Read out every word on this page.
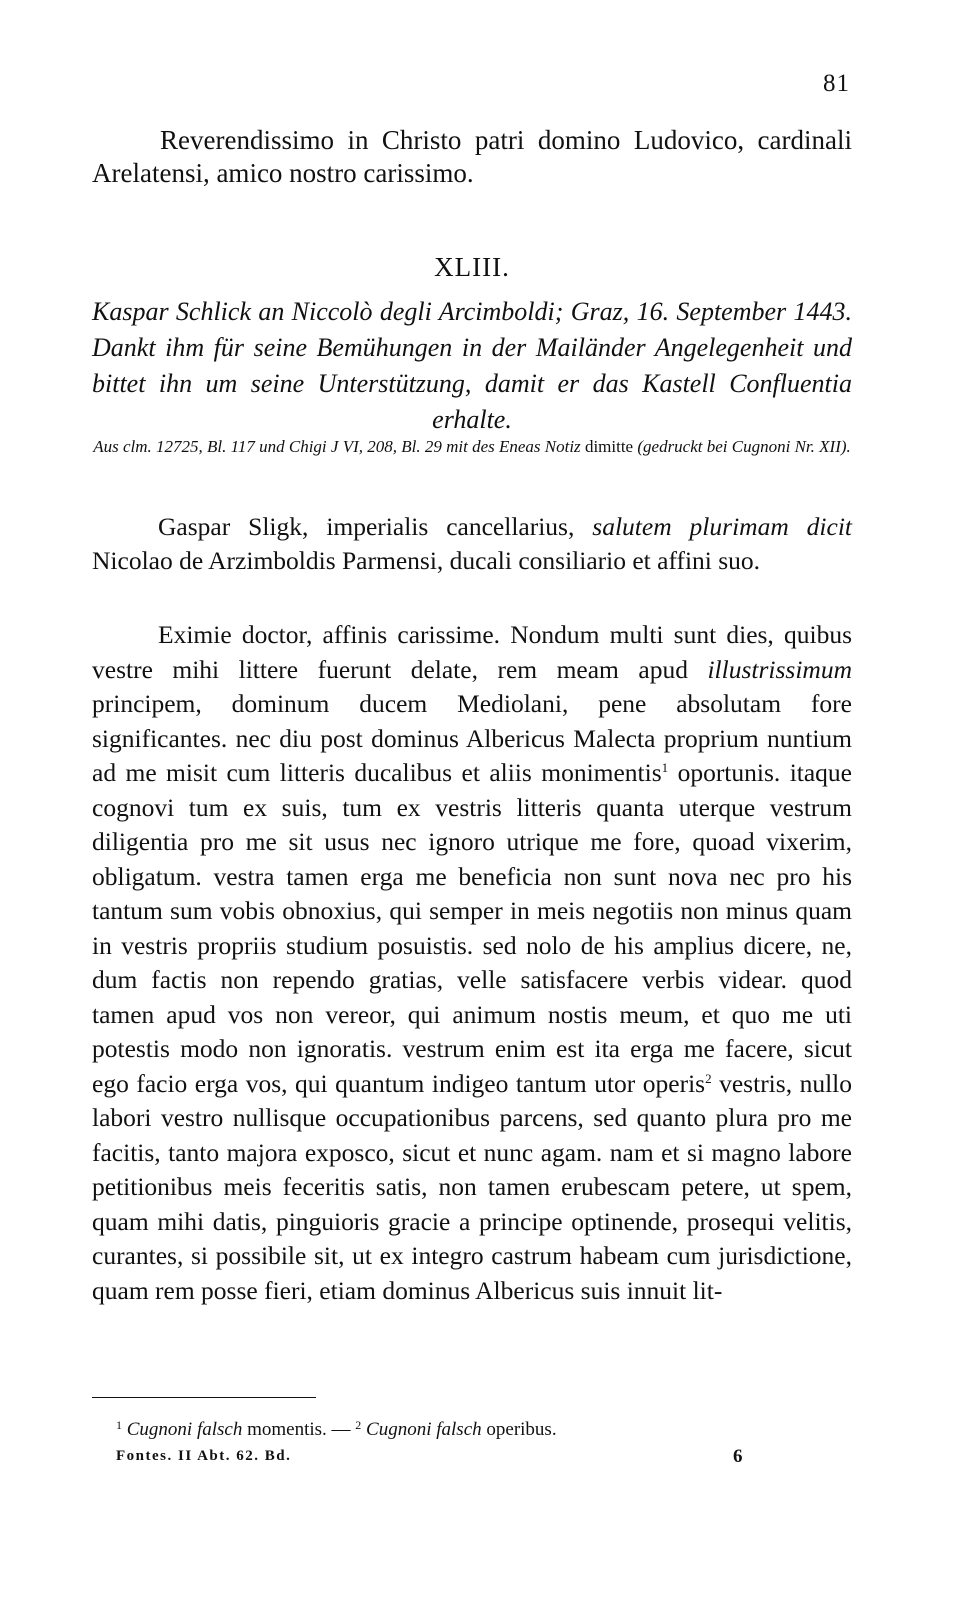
81
Reverendissimo in Christo patri domino Ludovico, cardinali Arelatensi, amico nostro carissimo.
XLIII.
Kaspar Schlick an Niccolò degli Arcimboldi; Graz, 16. September 1443. Dankt ihm für seine Bemühungen in der Mailänder Angelegenheit und bittet ihn um seine Unterstützung, damit er das Kastell Confluentia erhalte.
Aus clm. 12725, Bl. 117 und Chigi J VI, 208, Bl. 29 mit des Eneas Notiz dimitte (gedruckt bei Cugnoni Nr. XII).
Gaspar Sligk, imperialis cancellarius, salutem plurimam dicit Nicolao de Arzimboldis Parmensi, ducali consiliario et affini suo.
Eximie doctor, affinis carissime. Nondum multi sunt dies, quibus vestre mihi littere fuerunt delate, rem meam apud illustrissimum principem, dominum ducem Mediolani, pene absolutam fore significantes. nec diu post dominus Albericus Malecta proprium nuntium ad me misit cum litteris ducalibus et aliis monimentis$^1$ oportunis. itaque cognovi tum ex suis, tum ex vestris litteris quanta uterque vestrum diligentia pro me sit usus nec ignoro utrique me fore, quoad vixerim, obligatum. vestra tamen erga me beneficia non sunt nova nec pro his tantum sum vobis obnoxius, qui semper in meis negotiis non minus quam in vestris propriis studium posuistis. sed nolo de his amplius dicere, ne, dum factis non rependo gratias, velle satisfacere verbis videar. quod tamen apud vos non vereor, qui animum nostis meum, et quo me uti potestis modo non ignoratis. vestrum enim est ita erga me facere, sicut ego facio erga vos, qui quantum indigeo tantum utor operis$^2$ vestris, nullo labori vestro nullisque occupationibus parcens, sed quanto plura pro me facitis, tanto majora exposco, sicut et nunc agam. nam et si magno labore petitionibus meis feceritis satis, non tamen erubescam petere, ut spem, quam mihi datis, pinguioris gracie a principe optinende, prosequi velitis, curantes, si possibile sit, ut ex integro castrum habeam cum jurisdictione, quam rem posse fieri, etiam dominus Albericus suis innuit lit-
$^1$ Cugnoni falsch momentis. — $^2$ Cugnoni falsch operibus.
Fontes. II Abt. 62. Bd.	6
